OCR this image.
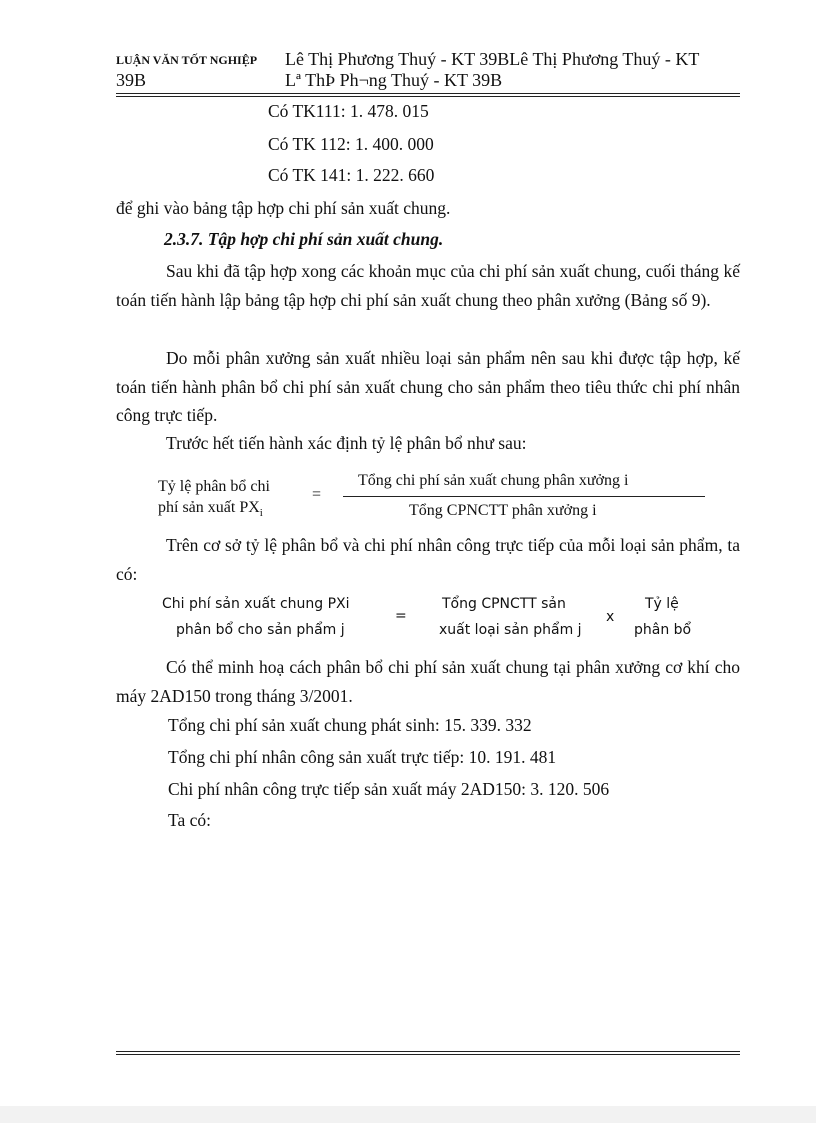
LUẬN VĂN TỐT NGHIỆP
39B
Lê Thị Phương Thuý - KT 39BLê Thị Phương Thuý - KT
Lª ThÞ Ph¬ng Thuý - KT 39B
Có TK111: 1. 478. 015
Có TK 112: 1. 400. 000
Có TK 141: 1. 222. 660
để ghi vào bảng tập hợp chi phí sản xuất chung.
2.3.7. Tập hợp chi phí sản xuất chung.
Sau khi đã tập hợp xong các khoản mục của chi phí sản xuất chung, cuối tháng kế toán tiến hành lập bảng tập hợp chi phí sản xuất chung theo phân xưởng (Bảng số 9).
Do mỗi phân xưởng sản xuất nhiều loại sản phẩm nên sau khi được tập hợp, kế toán tiến hành phân bổ chi phí sản xuất chung cho sản phẩm theo tiêu thức chi phí nhân công trực tiếp.
Trước hết tiến hành xác định tỷ lệ phân bổ như sau:
Tỷ lệ phân bổ chi
phí sản xuất $PX_i$
=
Tổng chi phí sản xuất chung phân xưởng i
Tổng CPNCTT phân xưởng i
Trên cơ sở tỷ lệ phân bổ và chi phí nhân công trực tiếp của mỗi loại sản phẩm, ta có:
Chi phí sản xuất chung PXi
phân bổ cho sản phẩm j
=
Tổng CPNCTT sản
xuất loại sản phẩm j
x
Tỷ lệ
phân bổ
Có thể minh hoạ cách phân bổ chi phí sản xuất chung tại phân xưởng cơ khí cho máy 2AD150 trong tháng 3/2001.
Tổng chi phí sản xuất chung phát sinh: 15. 339. 332
Tổng chi phí nhân công sản xuất trực tiếp: 10. 191. 481
Chi phí nhân công trực tiếp sản xuất máy 2AD150: 3. 120. 506
Ta có:
